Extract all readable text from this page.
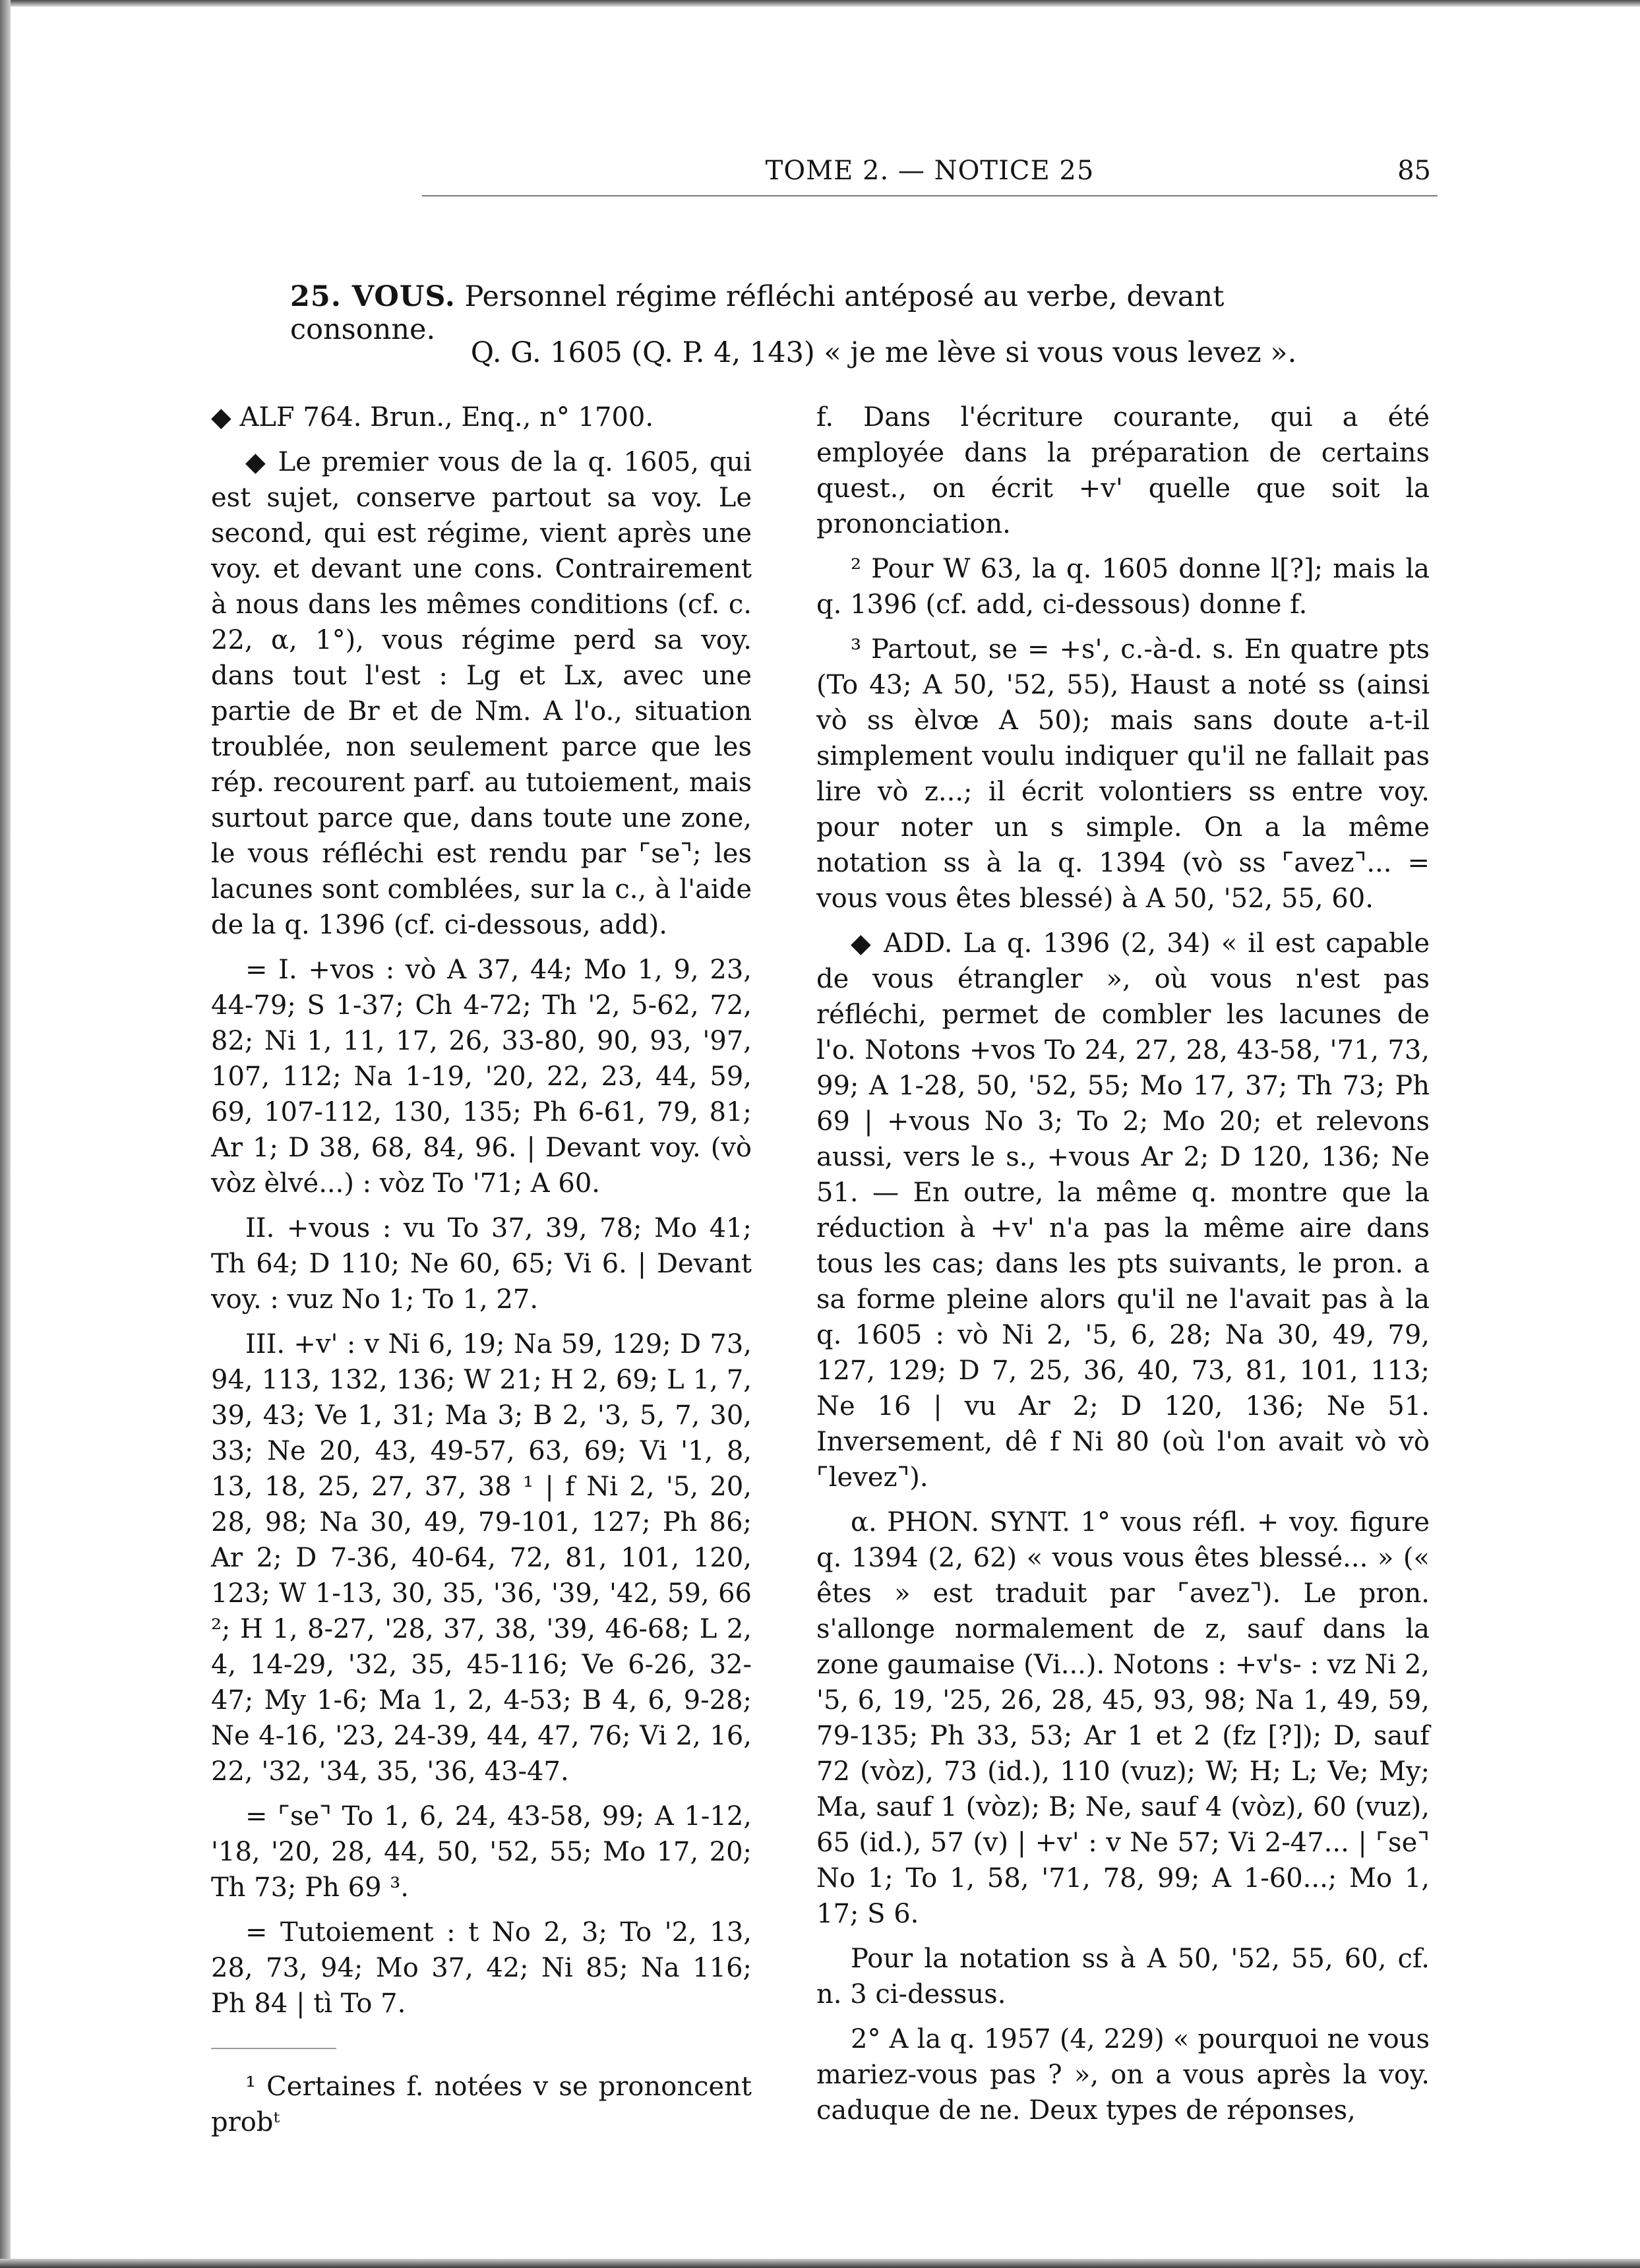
TOME 2. — NOTICE 25	85
25. VOUS. Personnel régime réfléchi antéposé au verbe, devant consonne.
Q. G. 1605 (Q. P. 4, 143) « je me lève si vous vous levez ».

◆ ALF 764. Brun., Enq., n° 1700.

◆ Le premier vous de la q. 1605, qui est sujet, conserve partout sa voy. Le second, qui est régime, vient après une voy. et devant une cons. Contrairement à nous dans les mêmes conditions (cf. c. 22, α, 1°), vous régime perd sa voy. dans tout l'est : Lg et Lx, avec une partie de Br et de Nm. A l'o., situation troublée, non seulement parce que les rép. recourent parf. au tutoiement, mais surtout parce que, dans toute une zone, le vous réfléchi est rendu par ⌜se⌝; les lacunes sont comblées, sur la c., à l'aide de la q. 1396 (cf. ci-dessous, add).

= I. +vos : vò A 37, 44; Mo 1, 9, 23, 44-79; S 1-37; Ch 4-72; Th '2, 5-62, 72, 82; Ni 1, 11, 17, 26, 33-80, 90, 93, '97, 107, 112; Na 1-19, '20, 22, 23, 44, 59, 69, 107-112, 130, 135; Ph 6-61, 79, 81; Ar 1; D 38, 68, 84, 96. | Devant voy. (vò vòz èlvé...) : vòz To '71; A 60.

II. +vous : vu To 37, 39, 78; Mo 41; Th 64; D 110; Ne 60, 65; Vi 6. | Devant voy. : vuz No 1; To 1, 27.

III. +v' : v Ni 6, 19; Na 59, 129; D 73, 94, 113, 132, 136; W 21; H 2, 69; L 1, 7, 39, 43; Ve 1, 31; Ma 3; B 2, '3, 5, 7, 30, 33; Ne 20, 43, 49-57, 63, 69; Vi '1, 8, 13, 18, 25, 27, 37, 38 ¹ | f Ni 2, '5, 20, 28, 98; Na 30, 49, 79-101, 127; Ph 86; Ar 2; D 7-36, 40-64, 72, 81, 101, 120, 123; W 1-13, 30, 35, '36, '39, '42, 59, 66 ²; H 1, 8-27, '28, 37, 38, '39, 46-68; L 2, 4, 14-29, '32, 35, 45-116; Ve 6-26, 32-47; My 1-6; Ma 1, 2, 4-53; B 4, 6, 9-28; Ne 4-16, '23, 24-39, 44, 47, 76; Vi 2, 16, 22, '32, '34, 35, '36, 43-47.

= ⌜se⌝ To 1, 6, 24, 43-58, 99; A 1-12, '18, '20, 28, 44, 50, '52, 55; Mo 17, 20; Th 73; Ph 69 ³.

= Tutoiement : t No 2, 3; To '2, 13, 28, 73, 94; Mo 37, 42; Ni 85; Na 116; Ph 84 | tì To 7.

¹ Certaines f. notées v se prononcent probᵗ

f. Dans l'écriture courante, qui a été employée dans la préparation de certains quest., on écrit +v' quelle que soit la prononciation.

² Pour W 63, la q. 1605 donne l[?]; mais la q. 1396 (cf. add, ci-dessous) donne f.

³ Partout, se = +s', c.-à-d. s. En quatre pts (To 43; A 50, '52, 55), Haust a noté ss (ainsi vò ss èlvœ A 50); mais sans doute a-t-il simplement voulu indiquer qu'il ne fallait pas lire vò z...; il écrit volontiers ss entre voy. pour noter un s simple. On a la même notation ss à la q. 1394 (vò ss ⌜avez⌝... = vous vous êtes blessé) à A 50, '52, 55, 60.

◆ ADD. La q. 1396 (2, 34) « il est capable de vous étrangler », où vous n'est pas réfléchi, permet de combler les lacunes de l'o. Notons +vos To 24, 27, 28, 43-58, '71, 73, 99; A 1-28, 50, '52, 55; Mo 17, 37; Th 73; Ph 69 | +vous No 3; To 2; Mo 20; et relevons aussi, vers le s., +vous Ar 2; D 120, 136; Ne 51. — En outre, la même q. montre que la réduction à +v' n'a pas la même aire dans tous les cas; dans les pts suivants, le pron. a sa forme pleine alors qu'il ne l'avait pas à la q. 1605 : vò Ni 2, '5, 6, 28; Na 30, 49, 79, 127, 129; D 7, 25, 36, 40, 73, 81, 101, 113; Ne 16 | vu Ar 2; D 120, 136; Ne 51. Inversement, dê f Ni 80 (où l'on avait vò vò ⌜levez⌝).

α. PHON. SYNT. 1° vous réfl. + voy. figure q. 1394 (2, 62) « vous vous êtes blessé... » (« êtes » est traduit par ⌜avez⌝). Le pron. s'allonge normalement de z, sauf dans la zone gaumaise (Vi...). Notons : +v's- : vz Ni 2, '5, 6, 19, '25, 26, 28, 45, 93, 98; Na 1, 49, 59, 79-135; Ph 33, 53; Ar 1 et 2 (fz [?]); D, sauf 72 (vòz), 73 (id.), 110 (vuz); W; H; L; Ve; My; Ma, sauf 1 (vòz); B; Ne, sauf 4 (vòz), 60 (vuz), 65 (id.), 57 (v) | +v' : v Ne 57; Vi 2-47... | ⌜se⌝ No 1; To 1, 58, '71, 78, 99; A 1-60...; Mo 1, 17; S 6.

Pour la notation ss à A 50, '52, 55, 60, cf. n. 3 ci-dessus.

2° A la q. 1957 (4, 229) « pourquoi ne vous mariez-vous pas ? », on a vous après la voy. caduque de ne. Deux types de réponses,
